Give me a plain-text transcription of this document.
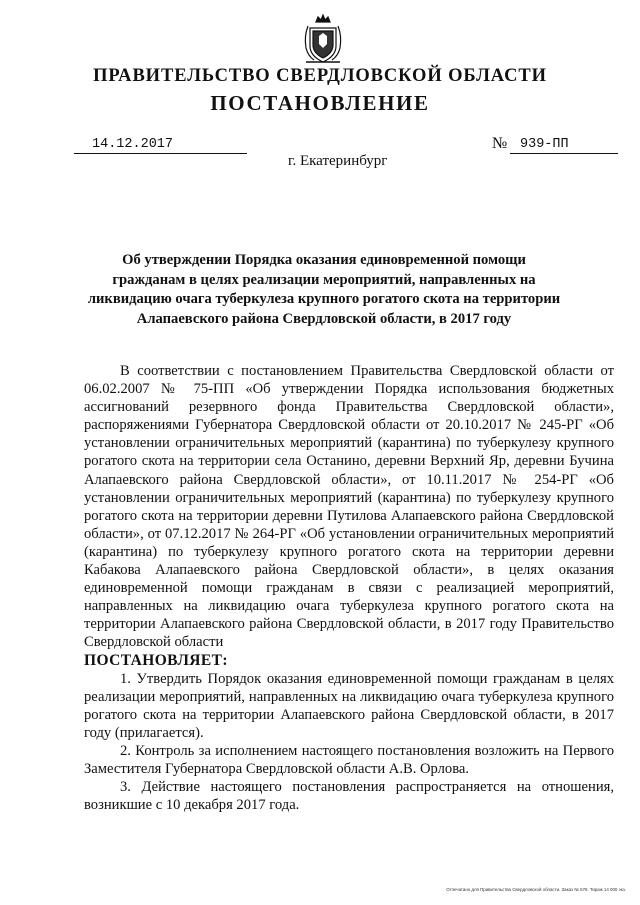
ПРАВИТЕЛЬСТВО СВЕРДЛОВСКОЙ ОБЛАСТИ
ПОСТАНОВЛЕНИЕ
14.12.2017	№ 939-ПП
г. Екатеринбург
Об утверждении Порядка оказания единовременной помощи гражданам в целях реализации мероприятий, направленных на ликвидацию очага туберкулеза крупного рогатого скота на территории Алапаевского района Свердловской области, в 2017 году

В соответствии с постановлением Правительства Свердловской области от 06.02.2007 № 75-ПП «Об утверждении Порядка использования бюджетных ассигнований резервного фонда Правительства Свердловской области», распоряжениями Губернатора Свердловской области от 20.10.2017 № 245-РГ «Об установлении ограничительных мероприятий (карантина) по туберкулезу крупного рогатого скота на территории села Останино, деревни Верхний Яр, деревни Бучина Алапаевского района Свердловской области», от 10.11.2017 № 254-РГ «Об установлении ограничительных мероприятий (карантина) по туберкулезу крупного рогатого скота на территории деревни Путилова Алапаевского района Свердловской области», от 07.12.2017 № 264-РГ «Об установлении ограничительных мероприятий (карантина) по туберкулезу крупного рогатого скота на территории деревни Кабакова Алапаевского района Свердловской области», в целях оказания единовременной помощи гражданам в связи с реализацией мероприятий, направленных на ликвидацию очага туберкулеза крупного рогатого скота на территории Алапаевского района Свердловской области, в 2017 году Правительство Свердловской области

ПОСТАНОВЛЯЕТ:

1. Утвердить Порядок оказания единовременной помощи гражданам в целях реализации мероприятий, направленных на ликвидацию очага туберкулеза крупного рогатого скота на территории Алапаевского района Свердловской области, в 2017 году (прилагается).

2. Контроль за исполнением настоящего постановления возложить на Первого Заместителя Губернатора Свердловской области А.В. Орлова.

3. Действие настоящего постановления распространяется на отношения, возникшие с 10 декабря 2017 года.

Отпечатано для Правительства Свердловской области. Заказ № 576. Тираж 14 000 экз.
